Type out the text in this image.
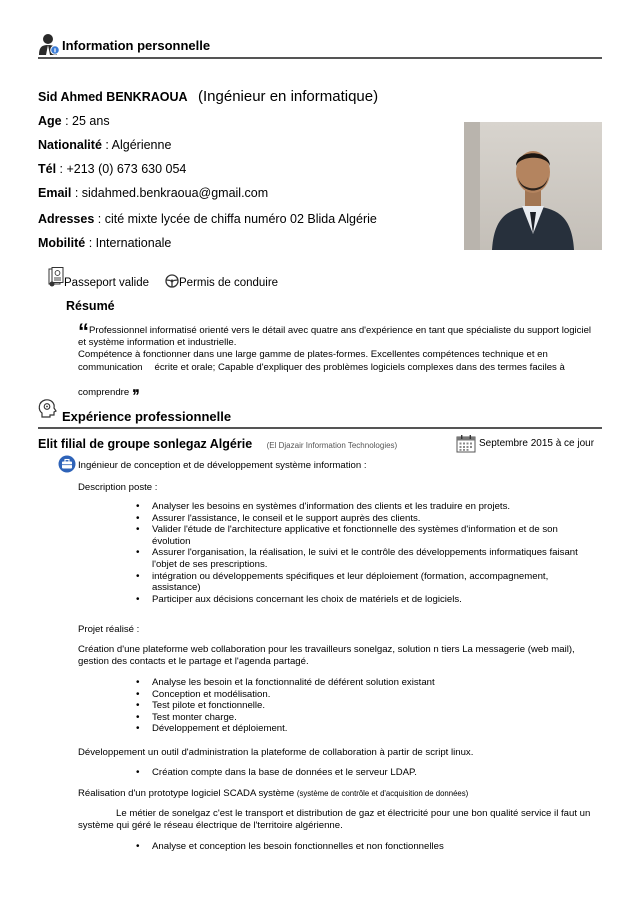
Information personnelle
Sid Ahmed BENKRAOUA (Ingénieur en informatique)
Age : 25 ans
Nationalité : Algérienne
Tél : +213 (0) 673 630 054
Email : sidahmed.benkraoua@gmail.com
Adresses : cité mixte lycée de chiffa numéro 02 Blida Algérie
Mobilité : Internationale
Passeport valide	Permis de conduire
Résumé
“Professionnel informatisé orienté vers le détail avec quatre ans d'expérience en tant que spécialiste du support logiciel
et système information et industrielle.
Compétence à fonctionner dans une large gamme de plates-formes. Excellentes compétences technique et en
communication écrite et orale; Capable d'expliquer des problèmes logiciels complexes dans des termes faciles à
comprendre ,,
Expérience professionnelle
Elit filial de groupe sonlegaz Algérie (El Djazair Information Technologies)	Septembre 2015 à ce jour
Ingénieur de conception et de développement système information :
Description poste :
• Analyser les besoins en systèmes d'information des clients et les traduire en projets.
• Assurer l'assistance, le conseil et le support auprès des clients.
• Valider l'étude de l'architecture applicative et fonctionnelle des systèmes d'information et de son évolution
• Assurer l'organisation, la réalisation, le suivi et le contrôle des développements informatiques faisant l'objet de ses prescriptions.
• intégration ou développements spécifiques et leur déploiement (formation, accompagnement, assistance)
• Participer aux décisions concernant les choix de matériels et de logiciels.
Projet réalisé :
Création d'une plateforme web collaboration pour les travailleurs sonelgaz, solution n tiers La messagerie (web mail), gestion des contacts et le partage et l'agenda partagé.
• Analyse les besoin et la fonctionnalité de déférent solution existant
• Conception et modélisation.
• Test pilote et fonctionnelle.
• Test monter charge.
• Développement et déploiement.
Développement un outil d'administration la plateforme de collaboration à partir de script linux.
• Création compte dans la base de données et le serveur LDAP.
Réalisation d'un prototype logiciel SCADA système (système de contrôle et d'acquisition de données)
Le métier de sonelgaz c'est le transport et distribution de gaz et électricité pour une bon qualité service il faut un système qui géré le réseau électrique de l'territoire algérienne.
• Analyse et conception les besoin fonctionnelles et non fonctionnelles
